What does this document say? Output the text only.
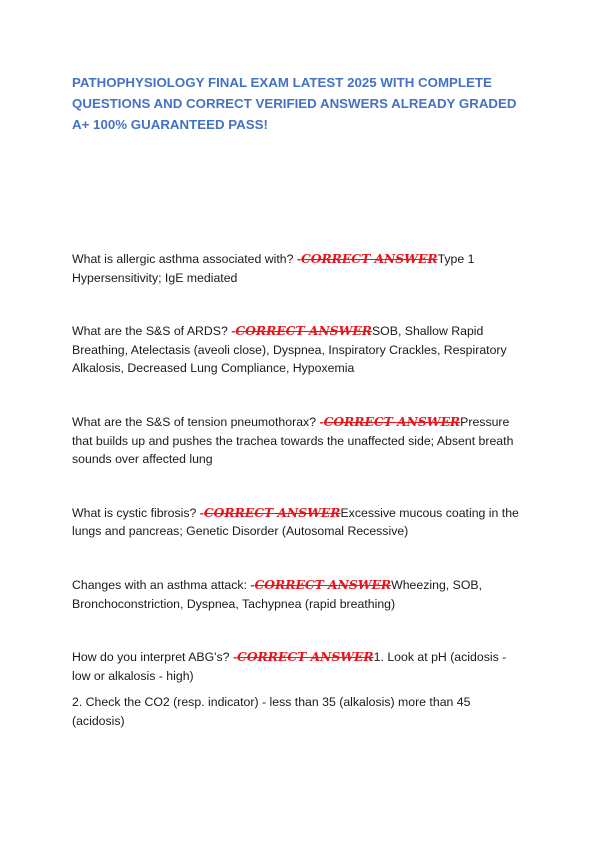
PATHOPHYSIOLOGY FINAL EXAM LATEST 2025 WITH COMPLETE QUESTIONS AND CORRECT VERIFIED ANSWERS ALREADY GRADED A+ 100% GUARANTEED PASS!

What is allergic asthma associated with? -CORRECT ANSWERType 1 Hypersensitivity; IgE mediated

What are the S&S of ARDS? -CORRECT ANSWERSOB, Shallow Rapid Breathing, Atelectasis (aveoli close), Dyspnea, Inspiratory Crackles, Respiratory Alkalosis, Decreased Lung Compliance, Hypoxemia

What are the S&S of tension pneumothorax? -CORRECT ANSWERPressure that builds up and pushes the trachea towards the unaffected side; Absent breath sounds over affected lung

What is cystic fibrosis? -CORRECT ANSWERExcessive mucous coating in the lungs and pancreas; Genetic Disorder (Autosomal Recessive)

Changes with an asthma attack: -CORRECT ANSWERWheezing, SOB, Bronchoconstriction, Dyspnea, Tachypnea (rapid breathing)

How do you interpret ABG's? -CORRECT ANSWER1. Look at pH (acidosis - low or alkalosis - high)

2. Check the CO2 (resp. indicator) - less than 35 (alkalosis) more than 45 (acidosis)
